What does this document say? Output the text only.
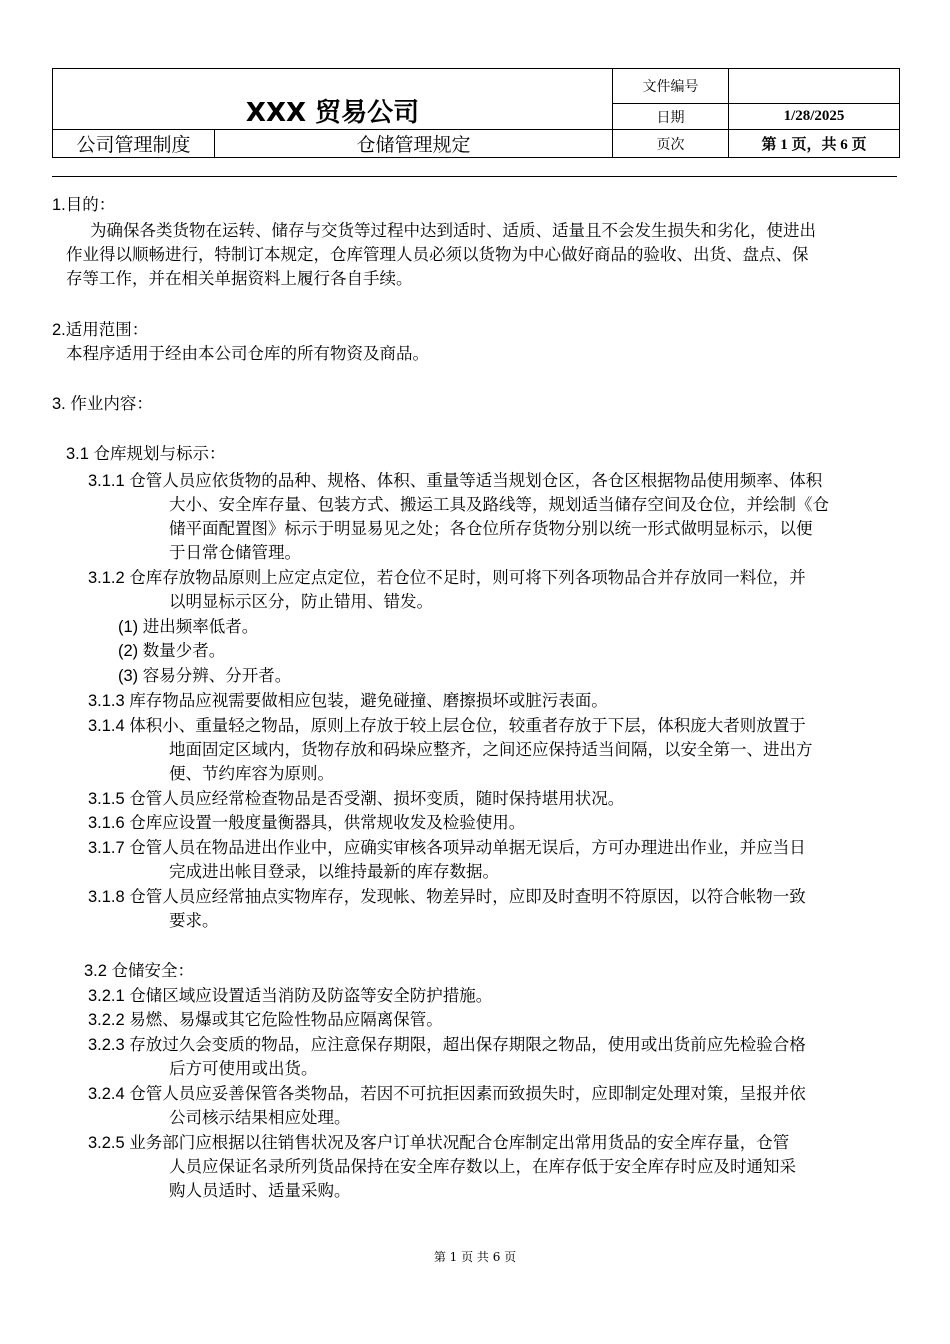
XXX 贸易公司		文件编号	
		日期	1/28/2025
公司管理制度	仓储管理规定	页次	第 1 页，共 6 页
1.目的：
为确保各类货物在运转、储存与交货等过程中达到适时、适质、适量且不会发生损失和劣化，使进出
作业得以顺畅进行，特制订本规定，仓库管理人员必须以货物为中心做好商品的验收、出货、盘点、保
存等工作，并在相关单据资料上履行各自手续。
2.适用范围：
本程序适用于经由本公司仓库的所有物资及商品。
3. 作业内容：
3.1 仓库规划与标示：
3.1.1 仓管人员应依货物的品种、规格、体积、重量等适当规划仓区，各仓区根据物品使用频率、体积
大小、安全库存量、包装方式、搬运工具及路线等，规划适当储存空间及仓位，并绘制《仓
储平面配置图》标示于明显易见之处；各仓位所存货物分别以统一形式做明显标示，以便
于日常仓储管理。
3.1.2 仓库存放物品原则上应定点定位，若仓位不足时，则可将下列各项物品合并存放同一料位，并
以明显标示区分，防止错用、错发。
(1) 进出频率低者。
(2) 数量少者。
(3) 容易分辨、分开者。
3.1.3 库存物品应视需要做相应包装，避免碰撞、磨擦损坏或脏污表面。
3.1.4 体积小、重量轻之物品，原则上存放于较上层仓位，较重者存放于下层，体积庞大者则放置于
地面固定区域内，货物存放和码垛应整齐，之间还应保持适当间隔，以安全第一、进出方
便、节约库容为原则。
3.1.5 仓管人员应经常检查物品是否受潮、损坏变质，随时保持堪用状况。
3.1.6 仓库应设置一般度量衡器具，供常规收发及检验使用。
3.1.7 仓管人员在物品进出作业中，应确实审核各项异动单据无误后，方可办理进出作业，并应当日
完成进出帐目登录，以维持最新的库存数据。
3.1.8 仓管人员应经常抽点实物库存，发现帐、物差异时，应即及时查明不符原因，以符合帐物一致
要求。
3.2 仓储安全：
3.2.1 仓储区域应设置适当消防及防盗等安全防护措施。
3.2.2 易燃、易爆或其它危险性物品应隔离保管。
3.2.3 存放过久会变质的物品，应注意保存期限，超出保存期限之物品，使用或出货前应先检验合格
后方可使用或出货。
3.2.4 仓管人员应妥善保管各类物品，若因不可抗拒因素而致损失时，应即制定处理对策，呈报并依
公司核示结果相应处理。
3.2.5 业务部门应根据以往销售状况及客户订单状况配合仓库制定出常用货品的安全库存量，仓管
人员应保证名录所列货品保持在安全库存数以上，在库存低于安全库存时应及时通知采
购人员适时、适量采购。
第 1 页 共 6 页
